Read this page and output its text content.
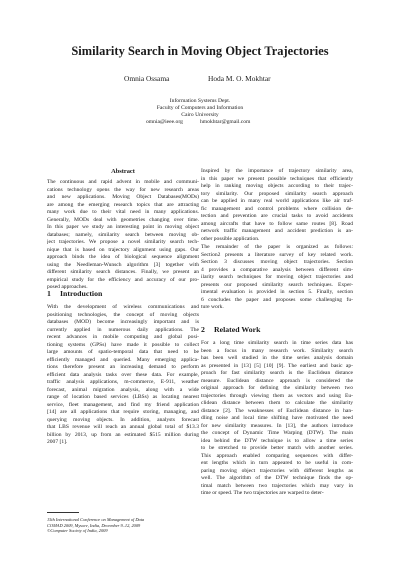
Similarity Search in Moving Object Trajectories
Omnia Ossama	Hoda M. O. Mokhtar
Information Systems Dept.
Faculty of Computers and Information
Cairo University
omnia@ieee.org	hmokhtar@gmail.com
Abstract
The continuous and rapid advent in mobile and communi-
cations technology opens the way for new research areas
and new applications. Moving Object Databases(MODs)
are among the emerging research topics that are attracting
many work due to their vital need in many applications.
Generally, MODs deal with geometries changing over time.
In this paper we study an interesting point in moving object
databases; namely, similarity search between moving ob-
ject trajectories. We propose a novel similarity search tech-
nique that is based on trajectory alignment using gaps. Our
approach binds the idea of biological sequence alignment
using the Needleman-Wunsch algorithm [3] together with
different similarity search distances. Finally, we present an
empirical study for the efficiency and accuracy of our pro-
posed approaches.
1 Introduction
With the development of wireless communications and
positioning technologies, the concept of moving objects
databases (MOD) become increasingly important and is
currently applied in numerous daily applications. The
recent advances in mobile computing and global posi-
tioning systems (GPSs) have made it possible to collect
large amounts of spatio-temporal data that need to be
efficiently managed and queried. Many emerging applica-
tions therefore present an increasing demand to perform
efficient data analysis tasks over these data. For example,
traffic analysis applications, m-commerce, E-911, weather
forecast, animal migration analysis, along with a wide
range of location based services (LBSs) as locating nearest
service, fleet management, and find my friend application
[14] are all applications that require storing, managing, and
querying moving objects. In addition, analysts forecast
that LBS revenue will reach an annual global total of $13.3
billion by 2013, up from an estimated $515 million during
2007 [1].
Inspired by the importance of trajectory similarity area,
in this paper we present possible techniques that efficiently
help in ranking moving objects according to their trajec-
tory similarity. Our proposed similarity search approach
can be applied in many real world applications like air traf-
fic management and control problems where collision de-
tection and prevention are crucial tasks to avoid accidents
among aircrafts that have to follow same routes [8]. Road
network traffic management and accident prediction is an-
other possible application.
The remainder of the paper is organized as follows:
Section2 presents a literature survey of key related work.
Section 3 discusses moving object trajectories. Section
4 provides a comparative analysis between different sim-
ilarity search techniques for moving object trajectories and
presents our proposed similarity search techniques. Exper-
imental evaluation is provided in section 5. Finally, section
6 concludes the paper and proposes some challenging fu-
ture work.
2 Related Work
For a long time similarity search in time series data has
been a focus in many research work. Similarity search
has been well studied in the time series analysis domain
as presented in [13] [5] [10] [9]. The earliest and basic ap-
proach for fast similarity search is the Euclidean distance
measure. Euclidean distance approach is considered the
original approach for defining the similarity between two
trajectories through viewing them as vectors and using Eu-
clidean distance between them to calculate the similarity
distance [2]. The weaknesses of Euclidean distance in han-
dling noise and local time shifting have motivated the need
for new similarity measures. In [13], the authors introduce
the concept of Dynamic Time Warping (DTW). The main
idea behind the DTW technique is to allow a time series
to be stretched to provide better match with another series.
This approach enabled comparing sequences with differ-
ent lengths which in turn appeared to be useful in com-
paring moving object trajectories with different lengths as
well. The algorithm of the DTW technique finds the op-
timal match between two trajectories which may vary in
time or speed. The two trajectories are warped to deter-
15th International Conference on Management of Data
COMAD 2009, Mysore, India, December 9–12, 2009
©Computer Society of India, 2009
